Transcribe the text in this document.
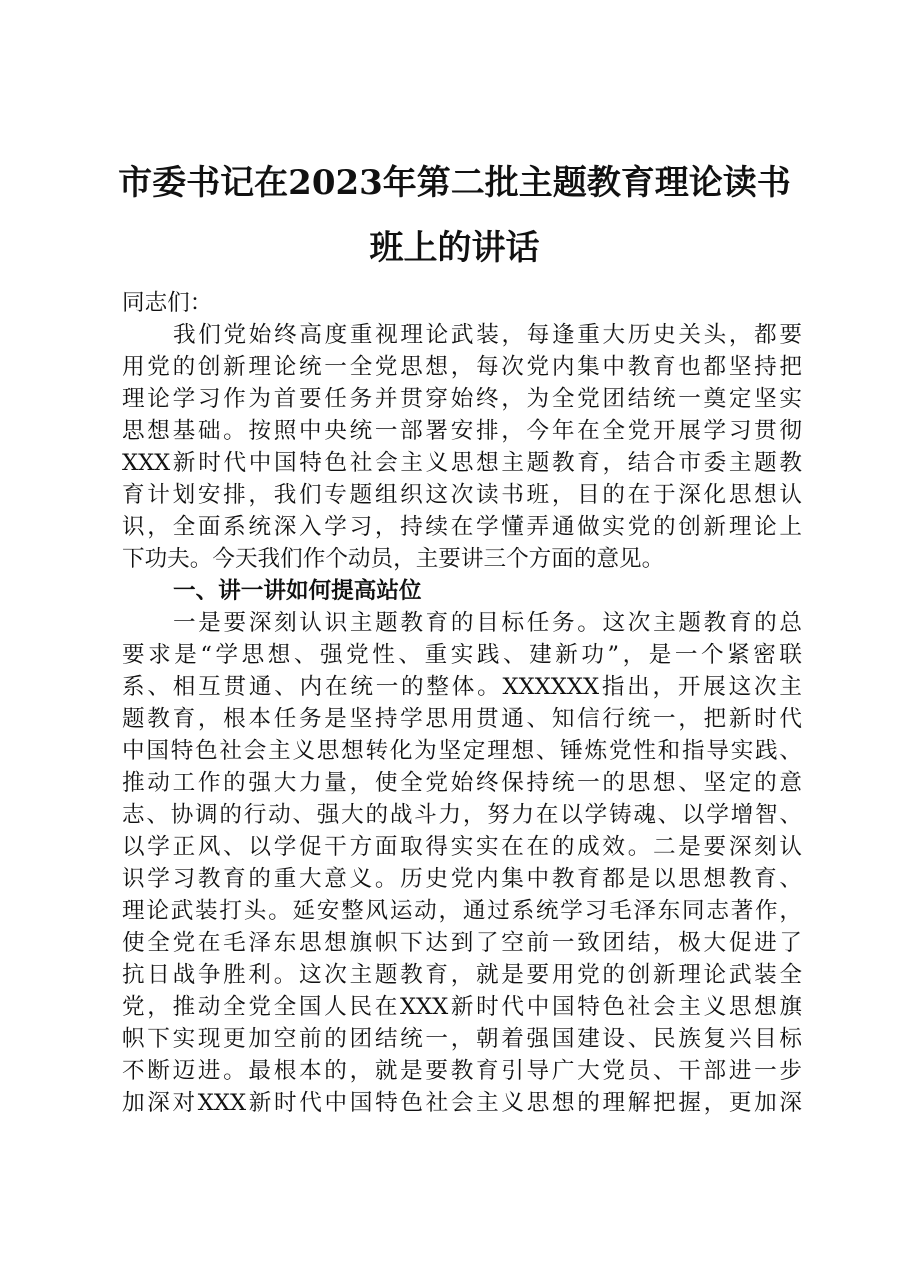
市委书记在2023年第二批主题教育理论读书
班上的讲话
同志们：
我们党始终高度重视理论武装，每逢重大历史关头，都要
用党的创新理论统一全党思想，每次党内集中教育也都坚持把
理论学习作为首要任务并贯穿始终，为全党团结统一奠定坚实
思想基础。按照中央统一部署安排，今年在全党开展学习贯彻
XXX新时代中国特色社会主义思想主题教育，结合市委主题教
育计划安排，我们专题组织这次读书班，目的在于深化思想认
识，全面系统深入学习，持续在学懂弄通做实党的创新理论上
下功夫。今天我们作个动员，主要讲三个方面的意见。
一、讲一讲如何提高站位
一是要深刻认识主题教育的目标任务。这次主题教育的总
要求是“学思想、强党性、重实践、建新功”，是一个紧密联
系、相互贯通、内在统一的整体。XXXXXX指出，开展这次主
题教育，根本任务是坚持学思用贯通、知信行统一，把新时代
中国特色社会主义思想转化为坚定理想、锤炼党性和指导实践、
推动工作的强大力量，使全党始终保持统一的思想、坚定的意
志、协调的行动、强大的战斗力，努力在以学铸魂、以学增智、
以学正风、以学促干方面取得实实在在的成效。二是要深刻认
识学习教育的重大意义。历史党内集中教育都是以思想教育、
理论武装打头。延安整风运动，通过系统学习毛泽东同志著作，
使全党在毛泽东思想旗帜下达到了空前一致团结，极大促进了
抗日战争胜利。这次主题教育，就是要用党的创新理论武装全
党，推动全党全国人民在XXX新时代中国特色社会主义思想旗
帜下实现更加空前的团结统一，朝着强国建设、民族复兴目标
不断迈进。最根本的，就是要教育引导广大党员、干部进一步
加深对XXX新时代中国特色社会主义思想的理解把握，更加深
